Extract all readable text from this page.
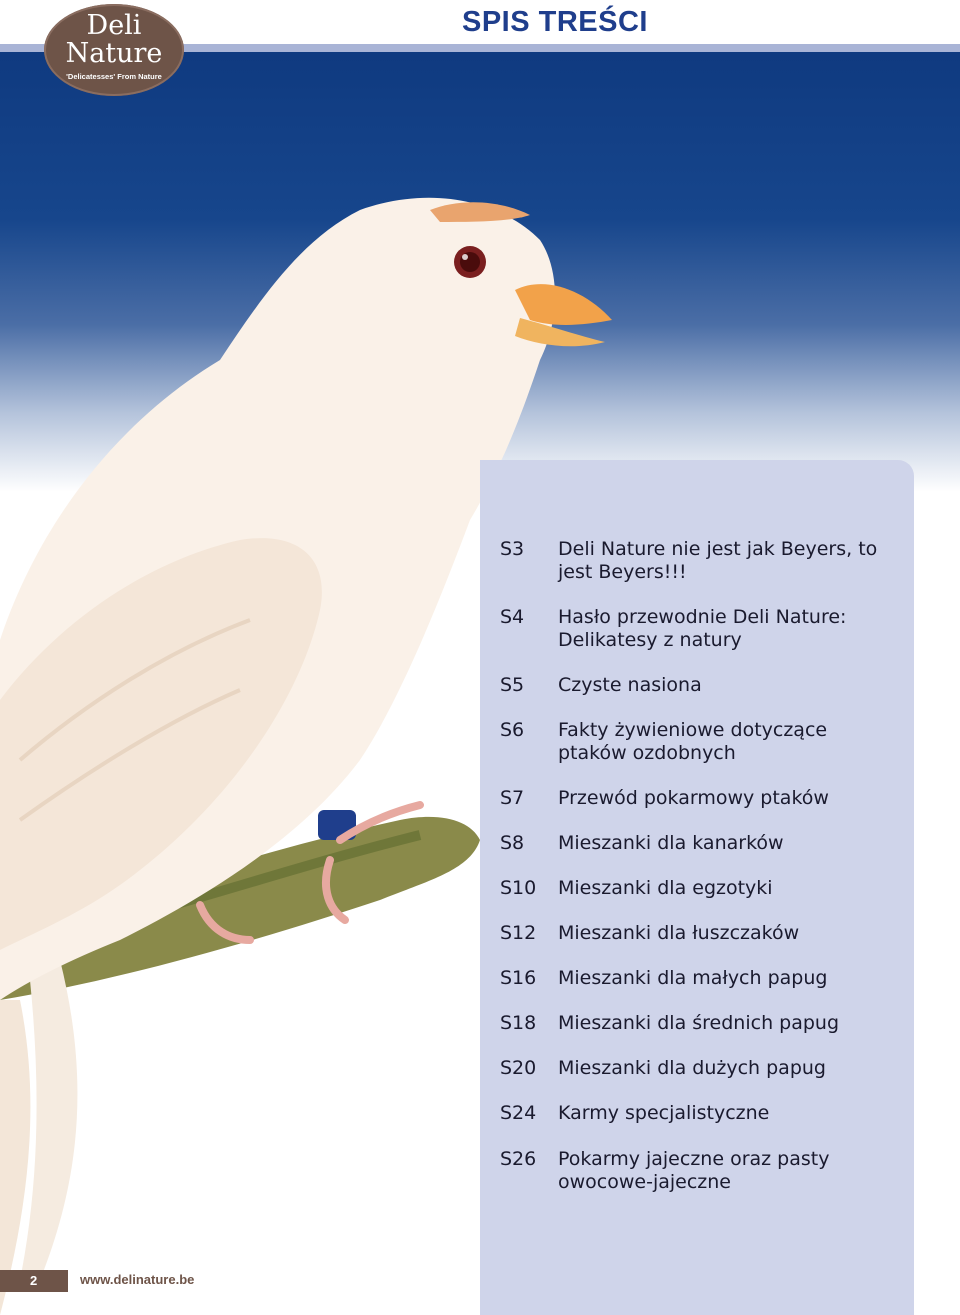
SPIS TREŚCI
Deli
Nature
'Delicatesses' From Nature
S3	Deli Nature nie jest jak Beyers, to jest Beyers!!!
S4	Hasło przewodnie Deli Nature: Delikatesy z natury
S5	Czyste nasiona
S6	Fakty żywieniowe dotyczące ptaków ozdobnych
S7	Przewód pokarmowy ptaków
S8	Mieszanki dla kanarków
S10	Mieszanki dla egzotyki
S12	Mieszanki dla łuszczaków
S16	Mieszanki dla małych papug
S18	Mieszanki dla średnich papug
S20	Mieszanki dla dużych papug
S24	Karmy specjalistyczne
S26	Pokarmy jajeczne oraz pasty owocowe-jajeczne
2	www.delinature.be
